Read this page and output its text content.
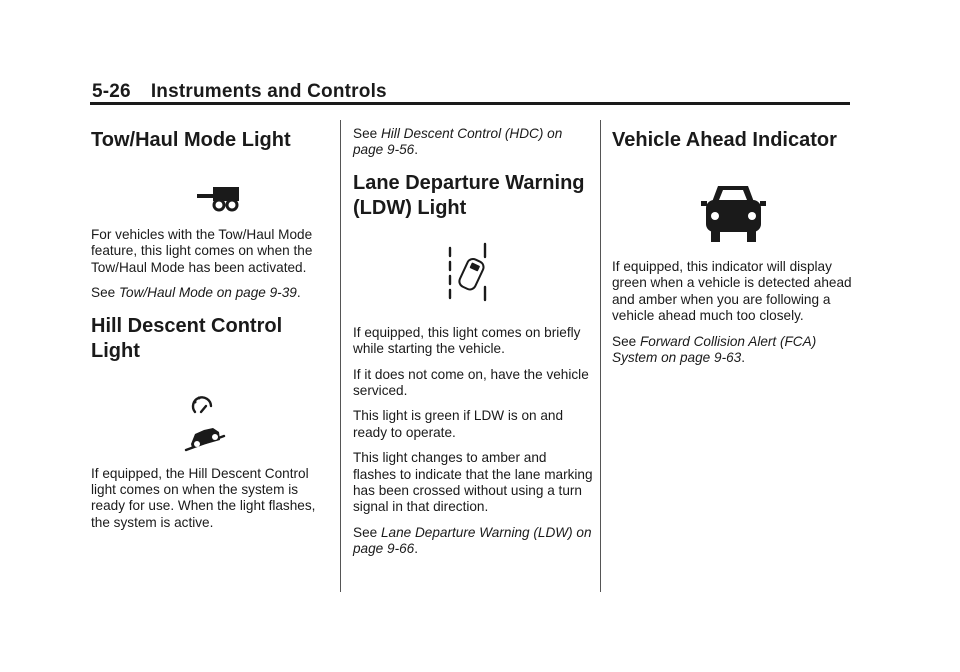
5-26 Instruments and Controls
Tow/Haul Mode Light

For vehicles with the Tow/Haul Mode feature, this light comes on when the Tow/Haul Mode has been activated.

See Tow/Haul Mode on page 9-39.

Hill Descent Control Light

If equipped, the Hill Descent Control light comes on when the system is ready for use. When the light flashes, the system is active.

See Hill Descent Control (HDC) on page 9-56.

Lane Departure Warning
(LDW) Light

If equipped, this light comes on briefly while starting the vehicle.

If it does not come on, have the vehicle serviced.

This light is green if LDW is on and ready to operate.

This light changes to amber and flashes to indicate that the lane marking has been crossed without using a turn signal in that direction.

See Lane Departure Warning (LDW) on page 9-66.

Vehicle Ahead Indicator

If equipped, this indicator will display green when a vehicle is detected ahead and amber when you are following a vehicle ahead much too closely.

See Forward Collision Alert (FCA) System on page 9-63.
